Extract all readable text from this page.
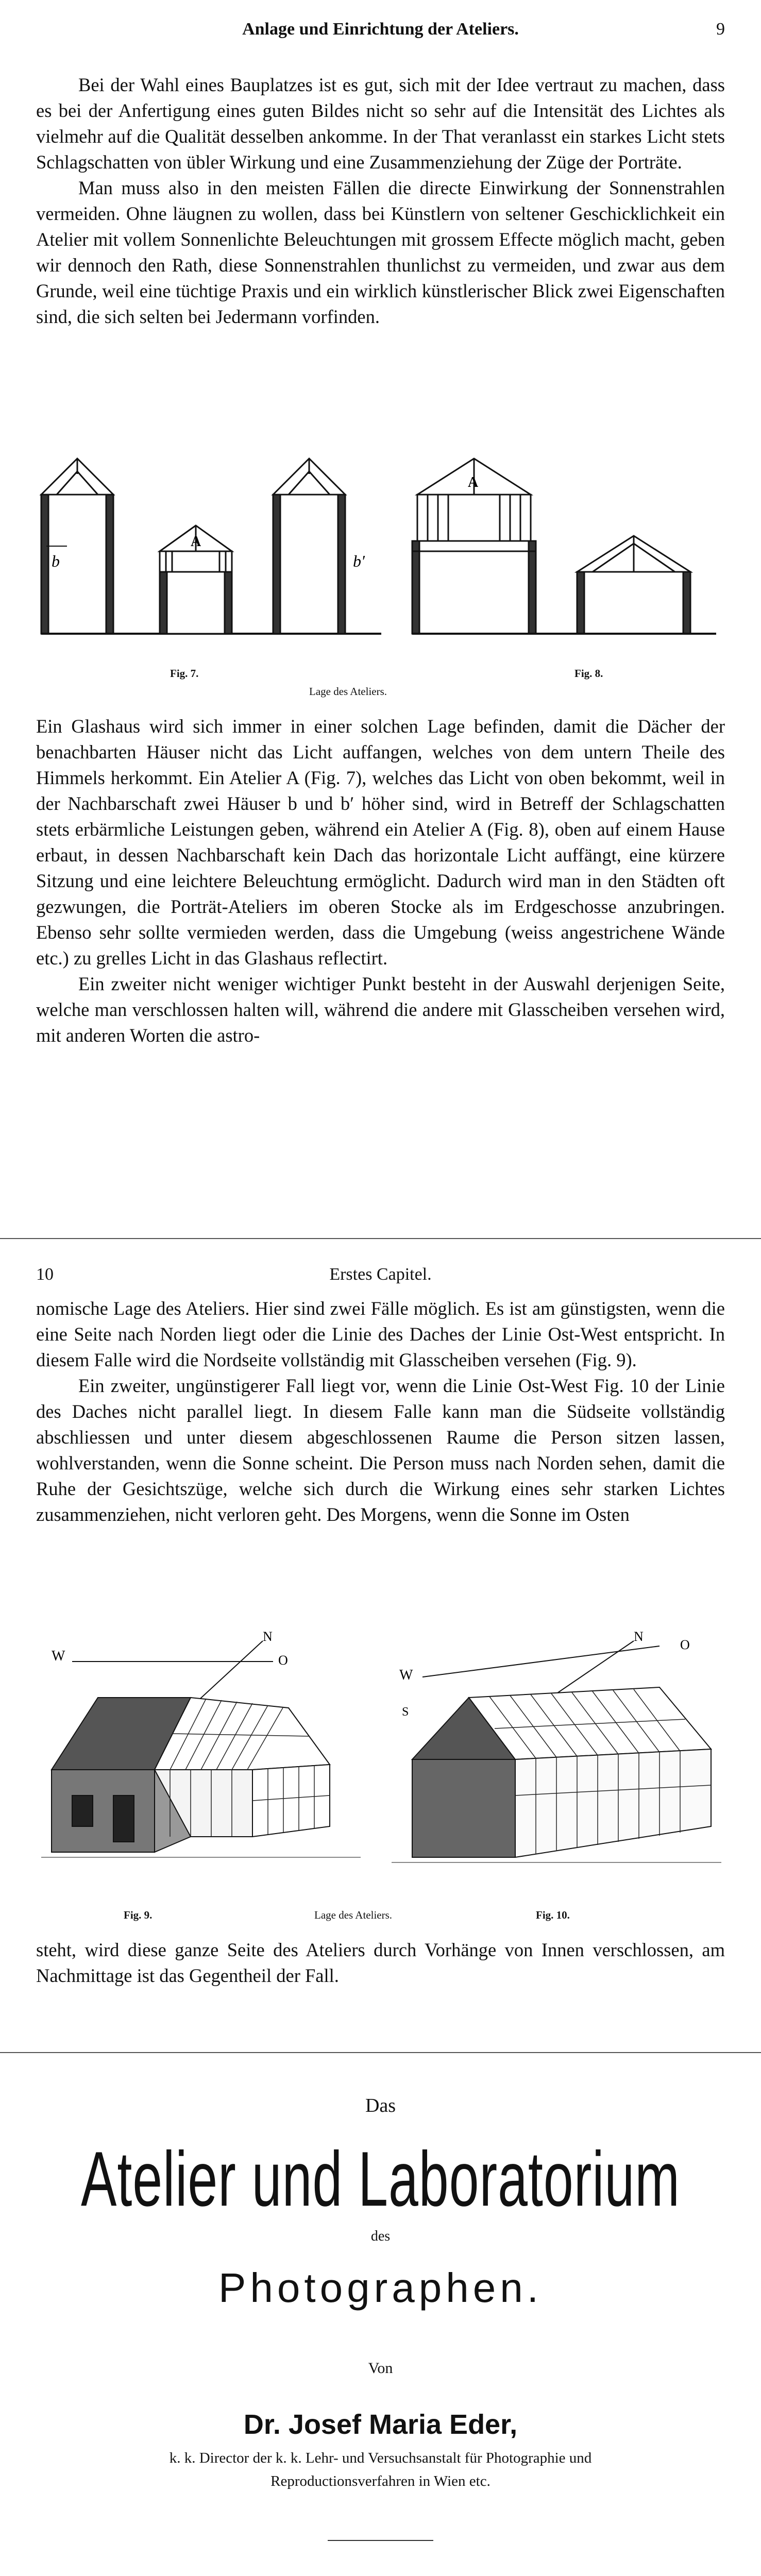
Anlage und Einrichtung der Ateliers.	9

Bei der Wahl eines Bauplatzes ist es gut, sich mit der Idee vertraut zu machen, dass es bei der Anfertigung eines guten Bildes nicht so sehr auf die Intensität des Lichtes als vielmehr auf die Qualität desselben ankomme. In der That veranlasst ein starkes Licht stets Schlagschatten von übler Wirkung und eine Zusammenziehung der Züge der Porträte.

Man muss also in den meisten Fällen die directe Einwirkung der Sonnenstrahlen vermeiden. Ohne läugnen zu wollen, dass bei Künstlern von seltener Geschicklichkeit ein Atelier mit vollem Sonnenlichte Beleuchtungen mit grossem Effecte möglich macht, geben wir dennoch den Rath, diese Sonnenstrahlen thunlichst zu vermeiden, und zwar aus dem Grunde, weil eine tüchtige Praxis und ein wirklich künstlerischer Blick zwei Eigenschaften sind, die sich selten bei Jedermann vorfinden.

b
A
b′
Fig. 7.
A
Fig. 8.
Lage des Ateliers.

Ein Glashaus wird sich immer in einer solchen Lage befinden, damit die Dächer der benachbarten Häuser nicht das Licht auffangen, welches von dem untern Theile des Himmels herkommt. Ein Atelier A (Fig. 7), welches das Licht von oben bekommt, weil in der Nachbarschaft zwei Häuser b und b′ höher sind, wird in Betreff der Schlagschatten stets erbärmliche Leistungen geben, während ein Atelier A (Fig. 8), oben auf einem Hause erbaut, in dessen Nachbarschaft kein Dach das horizontale Licht auffängt, eine kürzere Sitzung und eine leichtere Beleuchtung ermöglicht. Dadurch wird man in den Städten oft gezwungen, die Porträt-Ateliers im oberen Stocke als im Erdgeschosse anzubringen. Ebenso sehr sollte vermieden werden, dass die Umgebung (weiss angestrichene Wände etc.) zu grelles Licht in das Glashaus reflectirt.

Ein zweiter nicht weniger wichtiger Punkt besteht in der Auswahl derjenigen Seite, welche man verschlossen halten will, während die andere mit Glasscheiben versehen wird, mit anderen Worten die astro-

10	Erstes Capitel.

nomische Lage des Ateliers. Hier sind zwei Fälle möglich. Es ist am günstigsten, wenn die eine Seite nach Norden liegt oder die Linie des Daches der Linie Ost-West entspricht. In diesem Falle wird die Nordseite vollständig mit Glasscheiben versehen (Fig. 9).

Ein zweiter, ungünstigerer Fall liegt vor, wenn die Linie Ost-West Fig. 10 der Linie des Daches nicht parallel liegt. In diesem Falle kann man die Südseite vollständig abschliessen und unter diesem abgeschlossenen Raume die Person sitzen lassen, wohlverstanden, wenn die Sonne scheint. Die Person muss nach Norden sehen, damit die Ruhe der Gesichtszüge, welche sich durch die Wirkung eines sehr starken Lichtes zusammenziehen, nicht verloren geht. Des Morgens, wenn die Sonne im Osten

W
N
O
W
S
N
O
Fig. 9.	Lage des Ateliers.	Fig. 10.

steht, wird diese ganze Seite des Ateliers durch Vorhänge von Innen verschlossen, am Nachmittage ist das Gegentheil der Fall.

Das
Atelier und Laboratorium
des
Photographen.
Von
Dr. Josef Maria Eder,
k. k. Director der k. k. Lehr- und Versuchsanstalt für Photographie und
Reproductionsverfahren in Wien etc.
